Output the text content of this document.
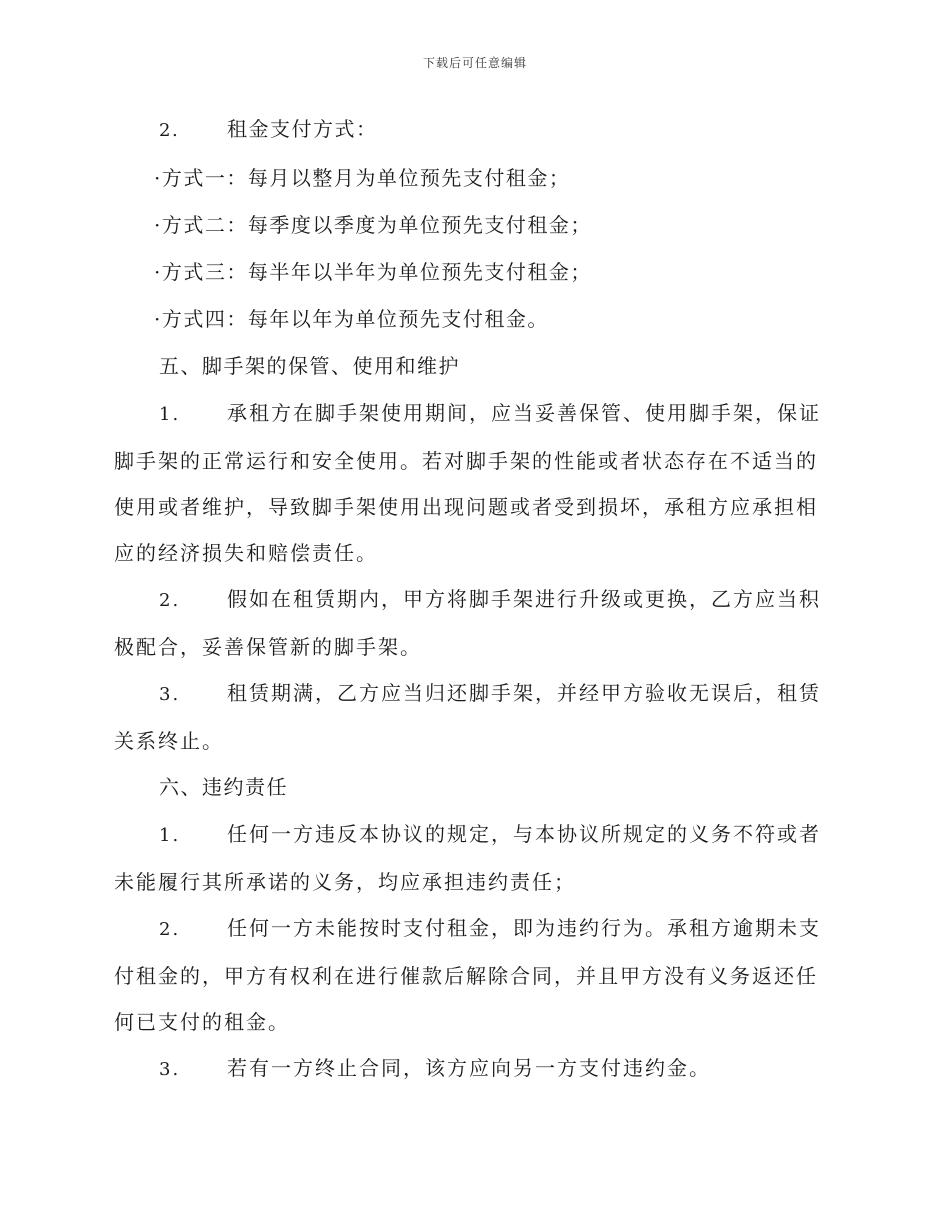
下载后可任意编辑
2.	租金支付方式：
·方式一：每月以整月为单位预先支付租金；
·方式二：每季度以季度为单位预先支付租金；
·方式三：每半年以半年为单位预先支付租金；
·方式四：每年以年为单位预先支付租金。
五、脚手架的保管、使用和维护

1. 承租方在脚手架使用期间，应当妥善保管、使用脚手架，保证脚手架的正常运行和安全使用。若对脚手架的性能或者状态存在不适当的使用或者维护，导致脚手架使用出现问题或者受到损坏，承租方应承担相应的经济损失和赔偿责任。

2. 假如在租赁期内，甲方将脚手架进行升级或更换，乙方应当积极配合，妥善保管新的脚手架。

3. 租赁期满，乙方应当归还脚手架，并经甲方验收无误后，租赁关系终止。

六、违约责任

1. 任何一方违反本协议的规定，与本协议所规定的义务不符或者未能履行其所承诺的义务，均应承担违约责任；

2. 任何一方未能按时支付租金，即为违约行为。承租方逾期未支付租金的，甲方有权利在进行催款后解除合同，并且甲方没有义务返还任何已支付的租金。

3. 若有一方终止合同，该方应向另一方支付违约金。
